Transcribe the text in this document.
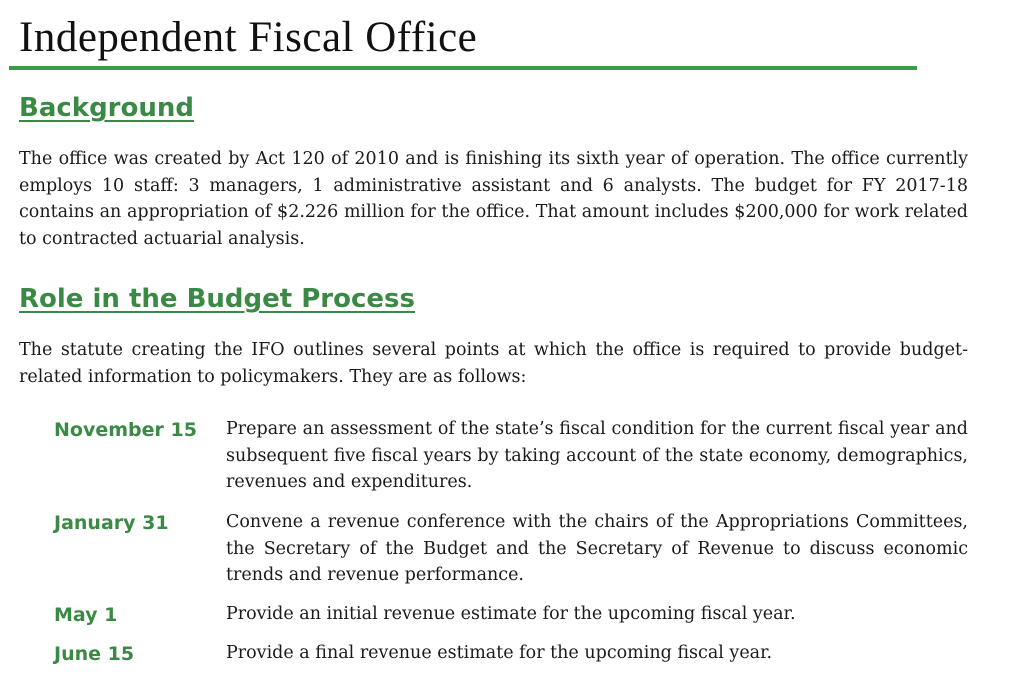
Independent Fiscal Office
Background

The office was created by Act 120 of 2010 and is finishing its sixth year of operation. The office currently employs 10 staff: 3 managers, 1 administrative assistant and 6 analysts. The budget for FY 2017-18 contains an appropriation of $2.226 million for the office. That amount includes $200,000 for work related to contracted actuarial analysis.

Role in the Budget Process

The statute creating the IFO outlines several points at which the office is required to provide budget-related information to policymakers. They are as follows:

November 15 Prepare an assessment of the state’s fiscal condition for the current fiscal year and subsequent five fiscal years by taking account of the state economy, demographics, revenues and expenditures.

January 31	Convene a revenue conference with the chairs of the Appropriations Committees, the Secretary of the Budget and the Secretary of Revenue to discuss economic trends and revenue performance.

May 1	Provide an initial revenue estimate for the upcoming fiscal year.

June 15	Provide a final revenue estimate for the upcoming fiscal year.
